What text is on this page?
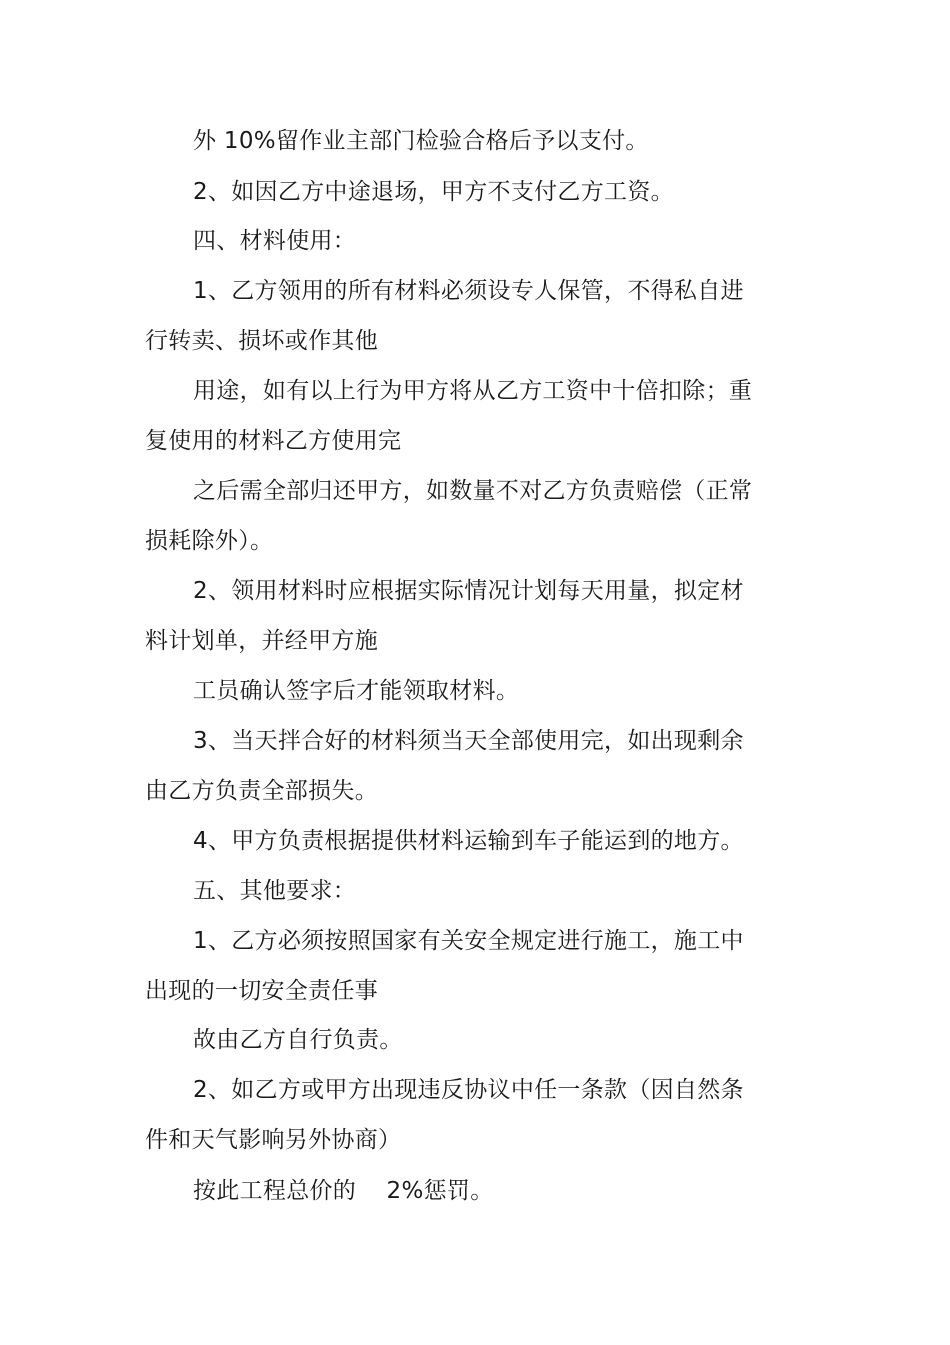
外 10%留作业主部门检验合格后予以支付。
2、如因乙方中途退场，甲方不支付乙方工资。
四、材料使用：
1、乙方领用的所有材料必须设专人保管，不得私自进
行转卖、损坏或作其他
用途，如有以上行为甲方将从乙方工资中十倍扣除；重
复使用的材料乙方使用完
之后需全部归还甲方，如数量不对乙方负责赔偿（正常
损耗除外）。
2、领用材料时应根据实际情况计划每天用量，拟定材
料计划单，并经甲方施
工员确认签字后才能领取材料。
3、当天拌合好的材料须当天全部使用完，如出现剩余
由乙方负责全部损失。
4、甲方负责根据提供材料运输到车子能运到的地方。
五、其他要求：
1、乙方必须按照国家有关安全规定进行施工，施工中
出现的一切安全责任事
故由乙方自行负责。
2、如乙方或甲方出现违反协议中任一条款（因自然条
件和天气影响另外协商）
按此工程总价的    2%惩罚。
